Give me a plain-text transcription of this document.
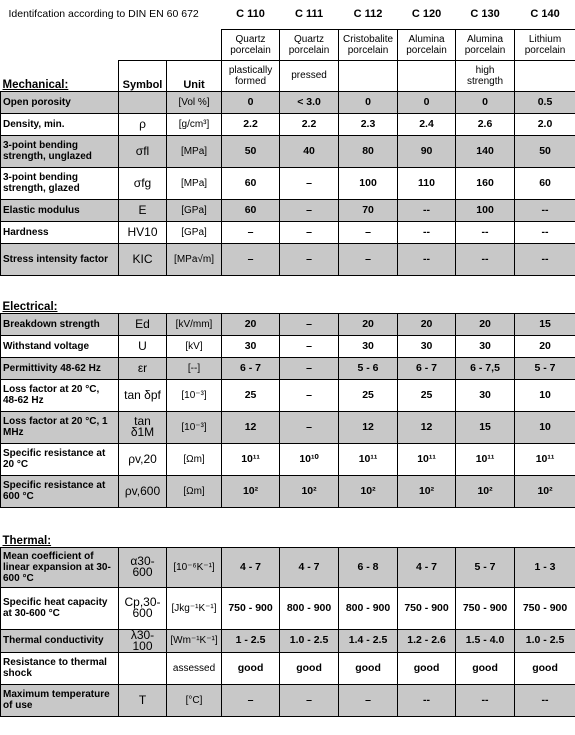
Identifcation according to DIN EN 60 672			C 110	C 111	C 112	C 120	C 130	C 140
			Quartz porcelain	Quartz porcelain	Cristobalite porcelain	Alumina porcelain	Alumina porcelain	Lithium porcelain
Mechanical:	Symbol	Unit	plastically formed	pressed			high strength	
Open porosity		[Vol %]	0	< 3.0	0	0	0	0.5
Density, min.	ρ	[g/cm³]	2.2	2.2	2.3	2.4	2.6	2.0
3-point bending strength, unglazed	σfl	[MPa]	50	40	80	90	140	50
3-point bending strength, glazed	σfg	[MPa]	60	–	100	110	160	60
Elastic modulus	E	[GPa]	60	–	70	--	100	--
Hardness	HV10	[GPa]	–	–	–	--	--	--
Stress intensity factor	KIC	[MPa√m]	–	–	–	--	--	--

Electrical:								
Breakdown strength	Ed	[kV/mm]	20	–	20	20	20	15
Withstand voltage	U	[kV]	30	–	30	30	30	20
Permittivity 48-62 Hz	εr	[--]	6 - 7	–	5 - 6	6 - 7	6 - 7,5	5 - 7
Loss factor at 20 °C, 48-62 Hz	tan δpf	[10⁻³]	25	–	25	25	30	10
Loss factor at 20 °C, 1 MHz	tan δ1M	[10⁻³]	12	–	12	12	15	10
Specific resistance at 20 °C	ρv,20	[Ωm]	10¹¹	10¹⁰	10¹¹	10¹¹	10¹¹	10¹¹
Specific resistance at 600 °C	ρv,600	[Ωm]	10²	10²	10²	10²	10²	10²

Thermal:								
Mean coefficient of linear expansion at 30-600 °C	α30-600	[10⁻⁶K⁻¹]	4 - 7	4 - 7	6 - 8	4 - 7	5 - 7	1 - 3
Specific heat capacity at 30-600 °C	Cp,30-600	[Jkg⁻¹K⁻¹]	750 - 900	800 - 900	800 - 900	750 - 900	750 - 900	750 - 900
Thermal conductivity	λ30-100	[Wm⁻¹K⁻¹]	1 - 2.5	1.0 - 2.5	1.4 - 2.5	1.2 - 2.6	1.5 - 4.0	1.0 - 2.5
Resistance to thermal shock		assessed	good	good	good	good	good	good
Maximum temperature of use	T	[°C]	–	–	–	--	--	--
